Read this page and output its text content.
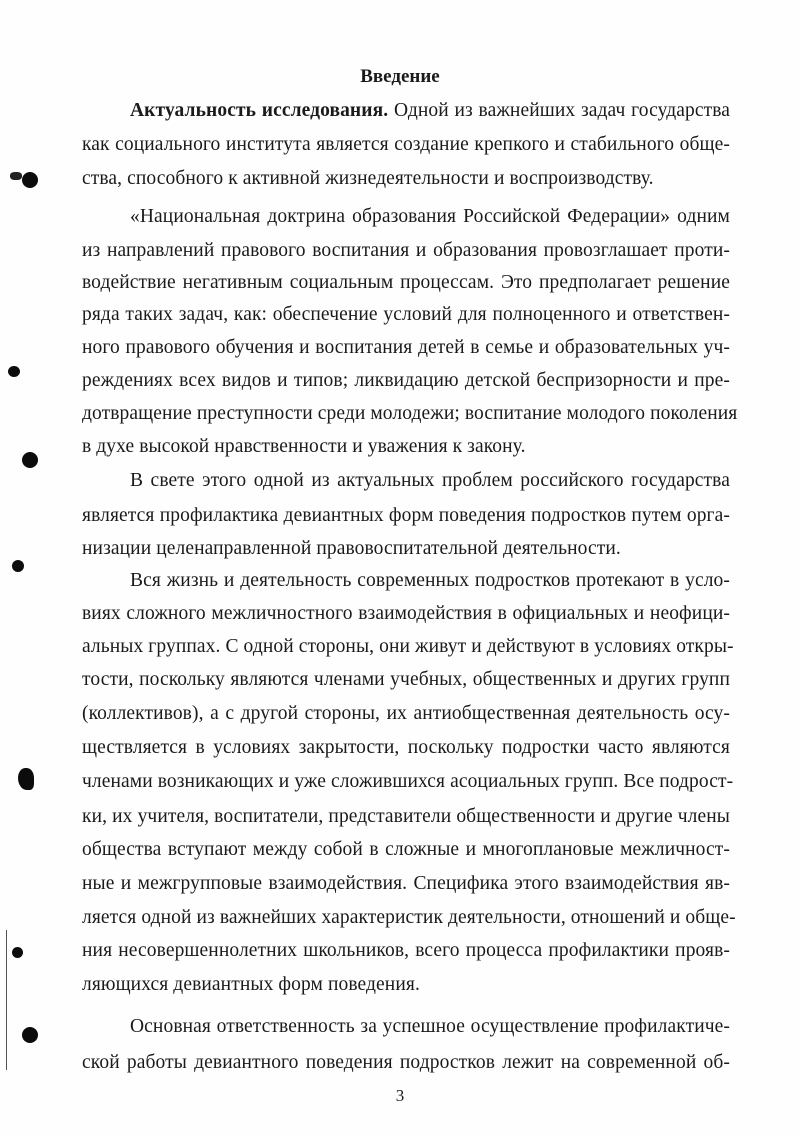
Введение
Актуальность исследования. Одной из важнейших задач государства
как социального института является создание крепкого и стабильного обще-
ства, способного к активной жизнедеятельности и воспроизводству.
«Национальная доктрина образования Российской Федерации» одним
из направлений правового воспитания и образования провозглашает проти-
водействие негативным социальным процессам. Это предполагает решение
ряда таких задач, как: обеспечение условий для полноценного и ответствен-
ного правового обучения и воспитания детей в семье и образовательных уч-
реждениях всех видов и типов; ликвидацию детской беспризорности и пре-
дотвращение преступности среди молодежи; воспитание молодого поколения
в духе высокой нравственности и уважения к закону.
В свете этого одной из актуальных проблем российского государства
является профилактика девиантных форм поведения подростков путем орга-
низации целенаправленной правовоспитательной деятельности.
Вся жизнь и деятельность современных подростков протекают в усло-
виях сложного межличностного взаимодействия в официальных и неофици-
альных группах. С одной стороны, они живут и действуют в условиях откры-
тости, поскольку являются членами учебных, общественных и других групп
(коллективов), а с другой стороны, их антиобщественная деятельность осу-
ществляется в условиях закрытости, поскольку подростки часто являются
членами возникающих и уже сложившихся асоциальных групп. Все подрост-
ки, их учителя, воспитатели, представители общественности и другие члены
общества вступают между собой в сложные и многоплановые межличност-
ные и межгрупповые взаимодействия. Специфика этого взаимодействия яв-
ляется одной из важнейших характеристик деятельности, отношений и обще-
ния несовершеннолетних школьников, всего процесса профилактики прояв-
ляющихся девиантных форм поведения.
3
Основная ответственность за успешное осуществление профилактиче-
ской работы девиантного поведения подростков лежит на современной об-
